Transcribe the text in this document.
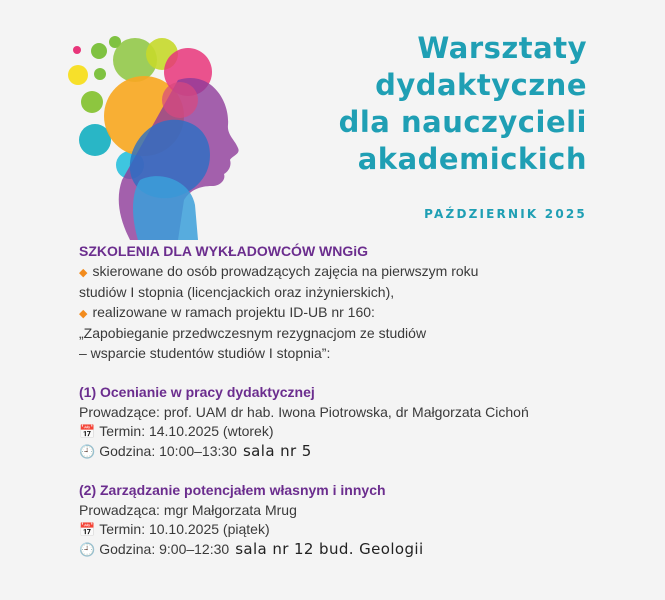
Warsztaty
dydaktyczne
dla nauczycieli
akademickich
PAŹDZIERNIK 2025
SZKOLENIA DLA WYKŁADOWCÓW WNGiG
◆ skierowane do osób prowadzących zajęcia na pierwszym roku
studiów I stopnia (licencjackich oraz inżynierskich),
◆ realizowane w ramach projektu ID-UB nr 160:
„Zapobieganie przedwczesnym rezygnacjom ze studiów
– wsparcie studentów studiów I stopnia”:
(1) Ocenianie w pracy dydaktycznej
Prowadzące: prof. UAM dr hab. Iwona Piotrowska, dr Małgorzata Cichoń
📅 Termin: 14.10.2025 (wtorek)
🕘 Godzina: 10:00–13:30 sala nr 5
(2) Zarządzanie potencjałem własnym i innych
Prowadząca: mgr Małgorzata Mrug
📅 Termin: 10.10.2025 (piątek)
🕘 Godzina: 9:00–12:30 sala nr 12 bud. Geologii
